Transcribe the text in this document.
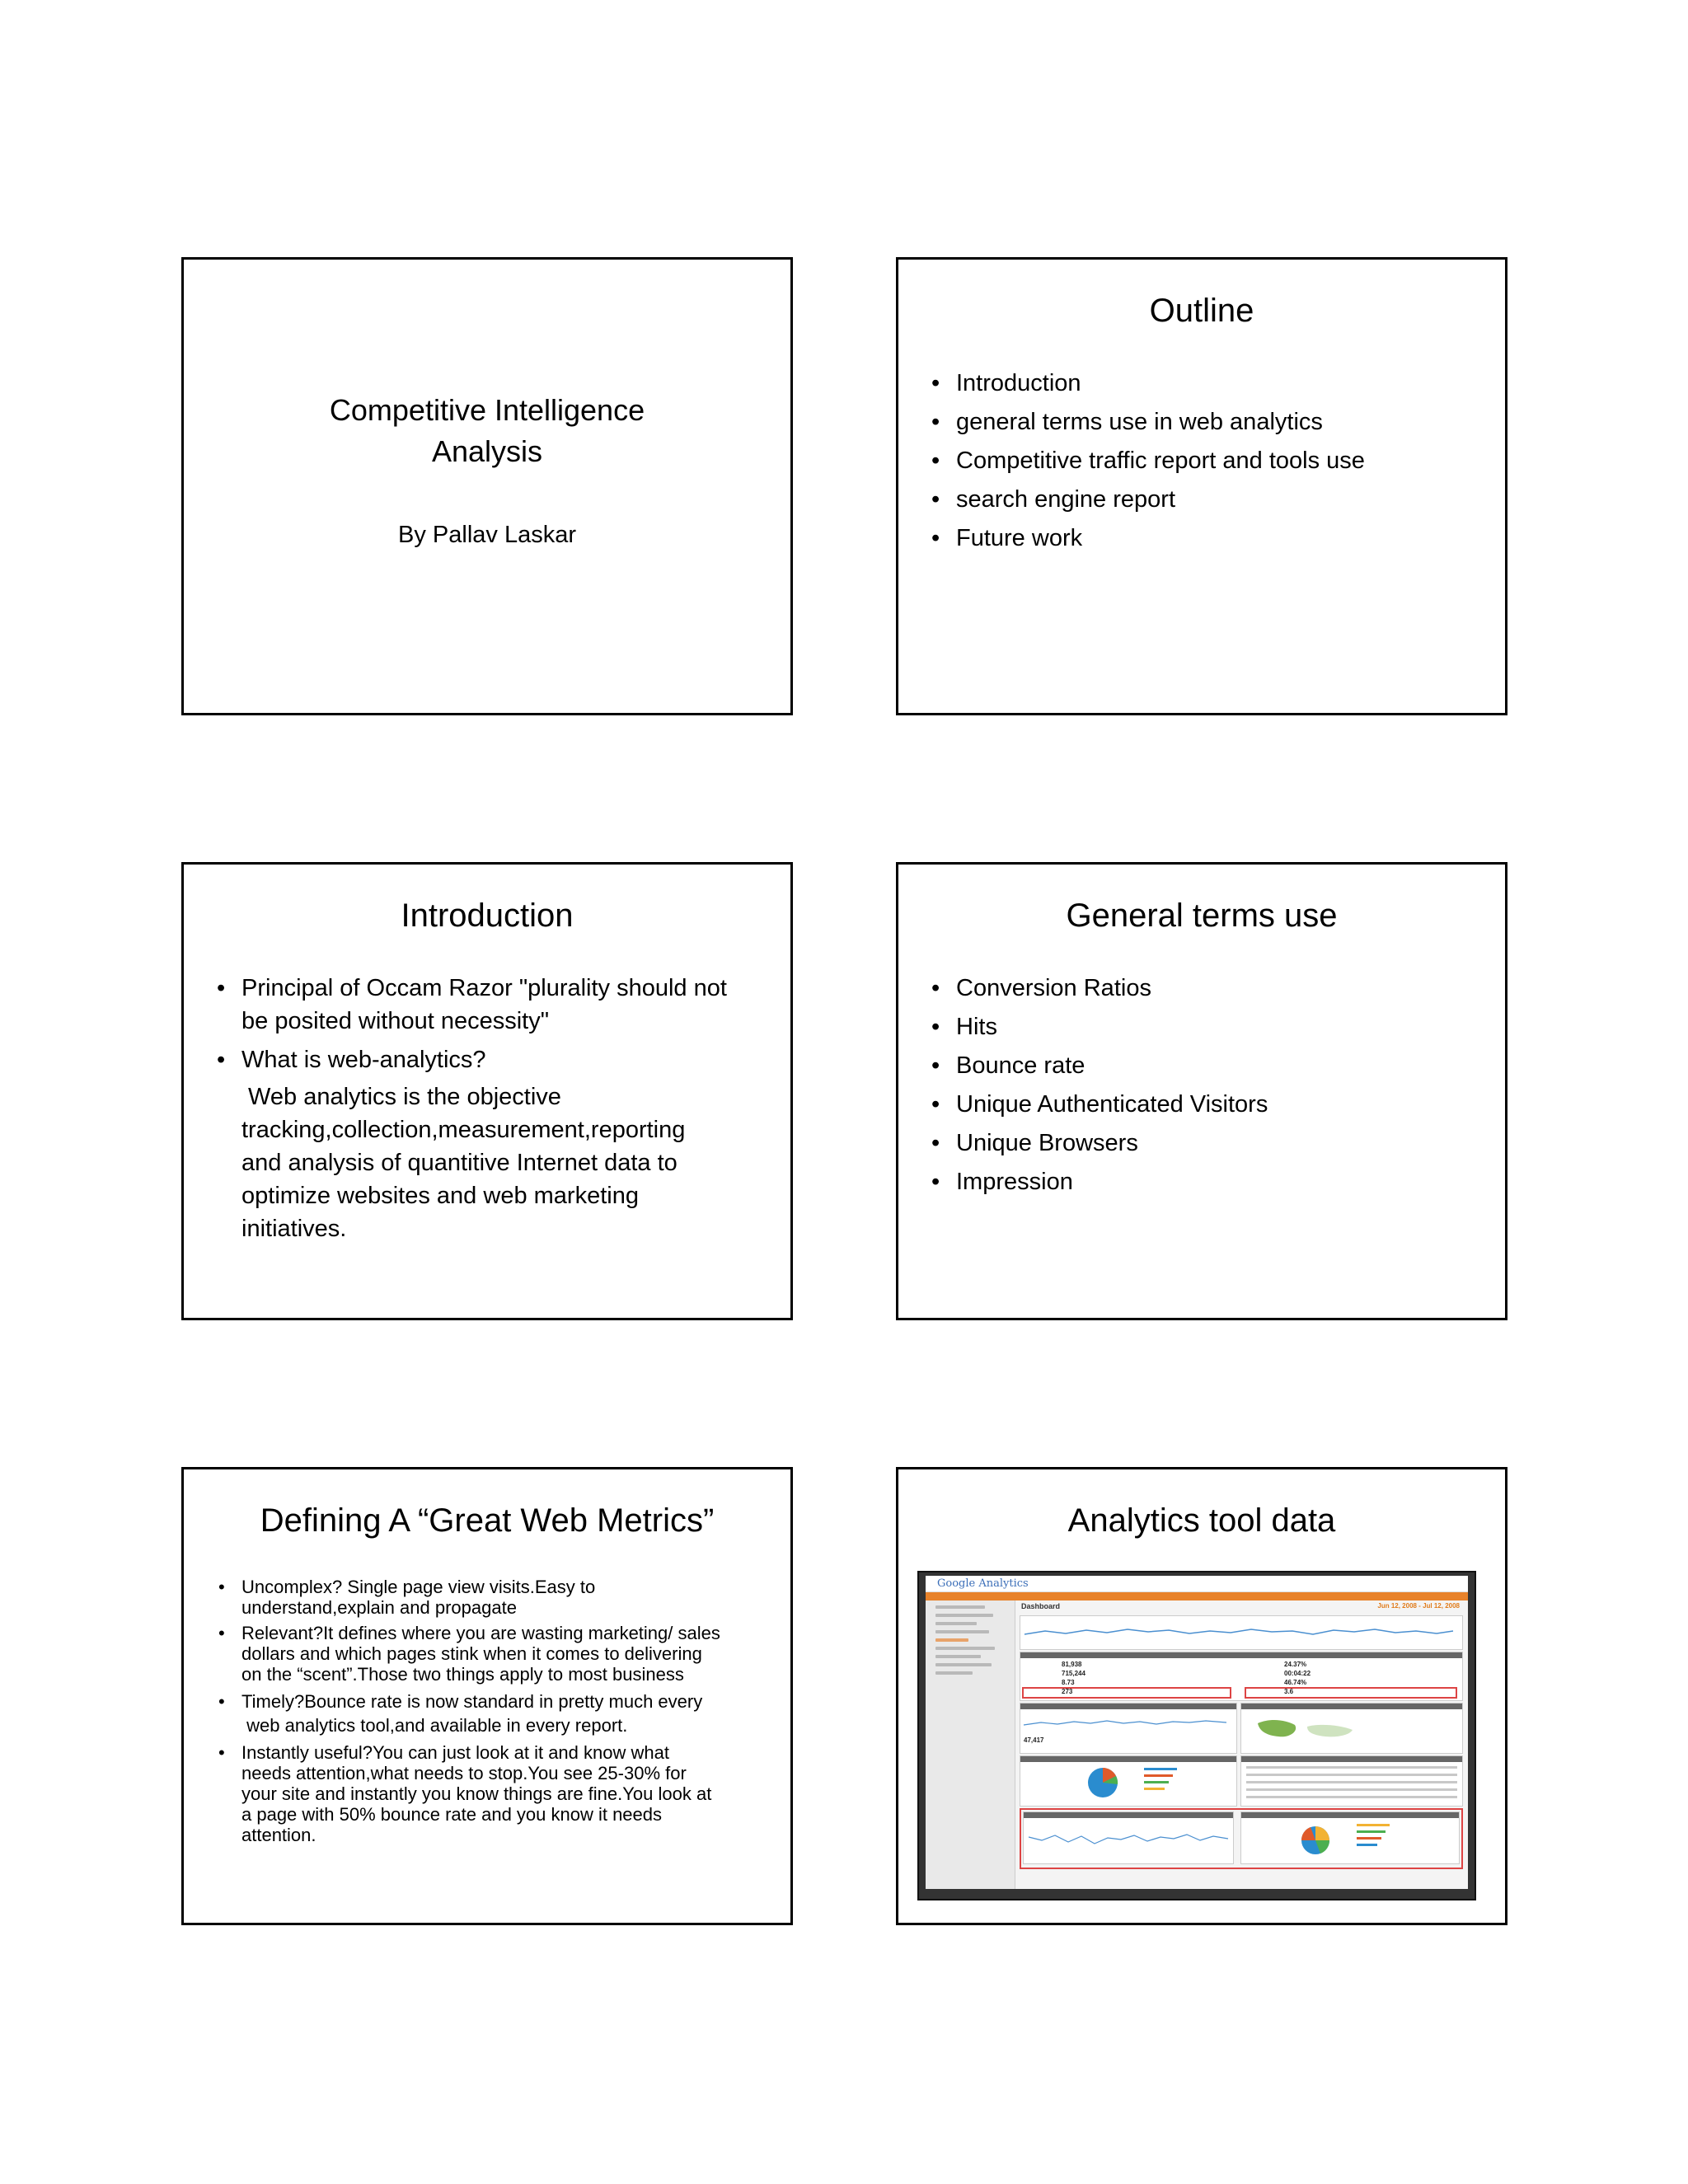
Competitive Intelligence
Analysis
By Pallav Laskar
Outline
• Introduction
• general terms use in web analytics
• Competitive traffic report and tools use
• search engine report
• Future work
Introduction
• Principal of Occam Razor "plurality should not
be posited without necessity"
• What is web-analytics?
Web analytics is the objective
tracking,collection,measurement,reporting
and analysis of quantitive Internet data to
optimize websites and web marketing
initiatives.
General terms use
• Conversion Ratios
• Hits
• Bounce rate
• Unique Authenticated Visitors
• Unique Browsers
• Impression
Defining A “Great Web Metrics”
• Uncomplex? Single page view visits.Easy to
understand,explain and propagate
• Relevant?It defines where you are wasting marketing/ sales
dollars and which pages stink when it comes to delivering
on the “scent”.Those two things apply to most business
• Timely?Bounce rate is now standard in pretty much every
web analytics tool,and available in every report.
• Instantly useful?You can just look at it and know what
needs attention,what needs to stop.You see 25-30% for
your site and instantly you know things are fine.You look at
a page with 50% bounce rate and you know it needs
attention.
Analytics tool data
Google Analytics
Dashboard	Jun 12, 2008 - Jul 12, 2008
81,938
715,244
8.73
273
24.37%
00:04:22
46.74%
3.6
47,417
